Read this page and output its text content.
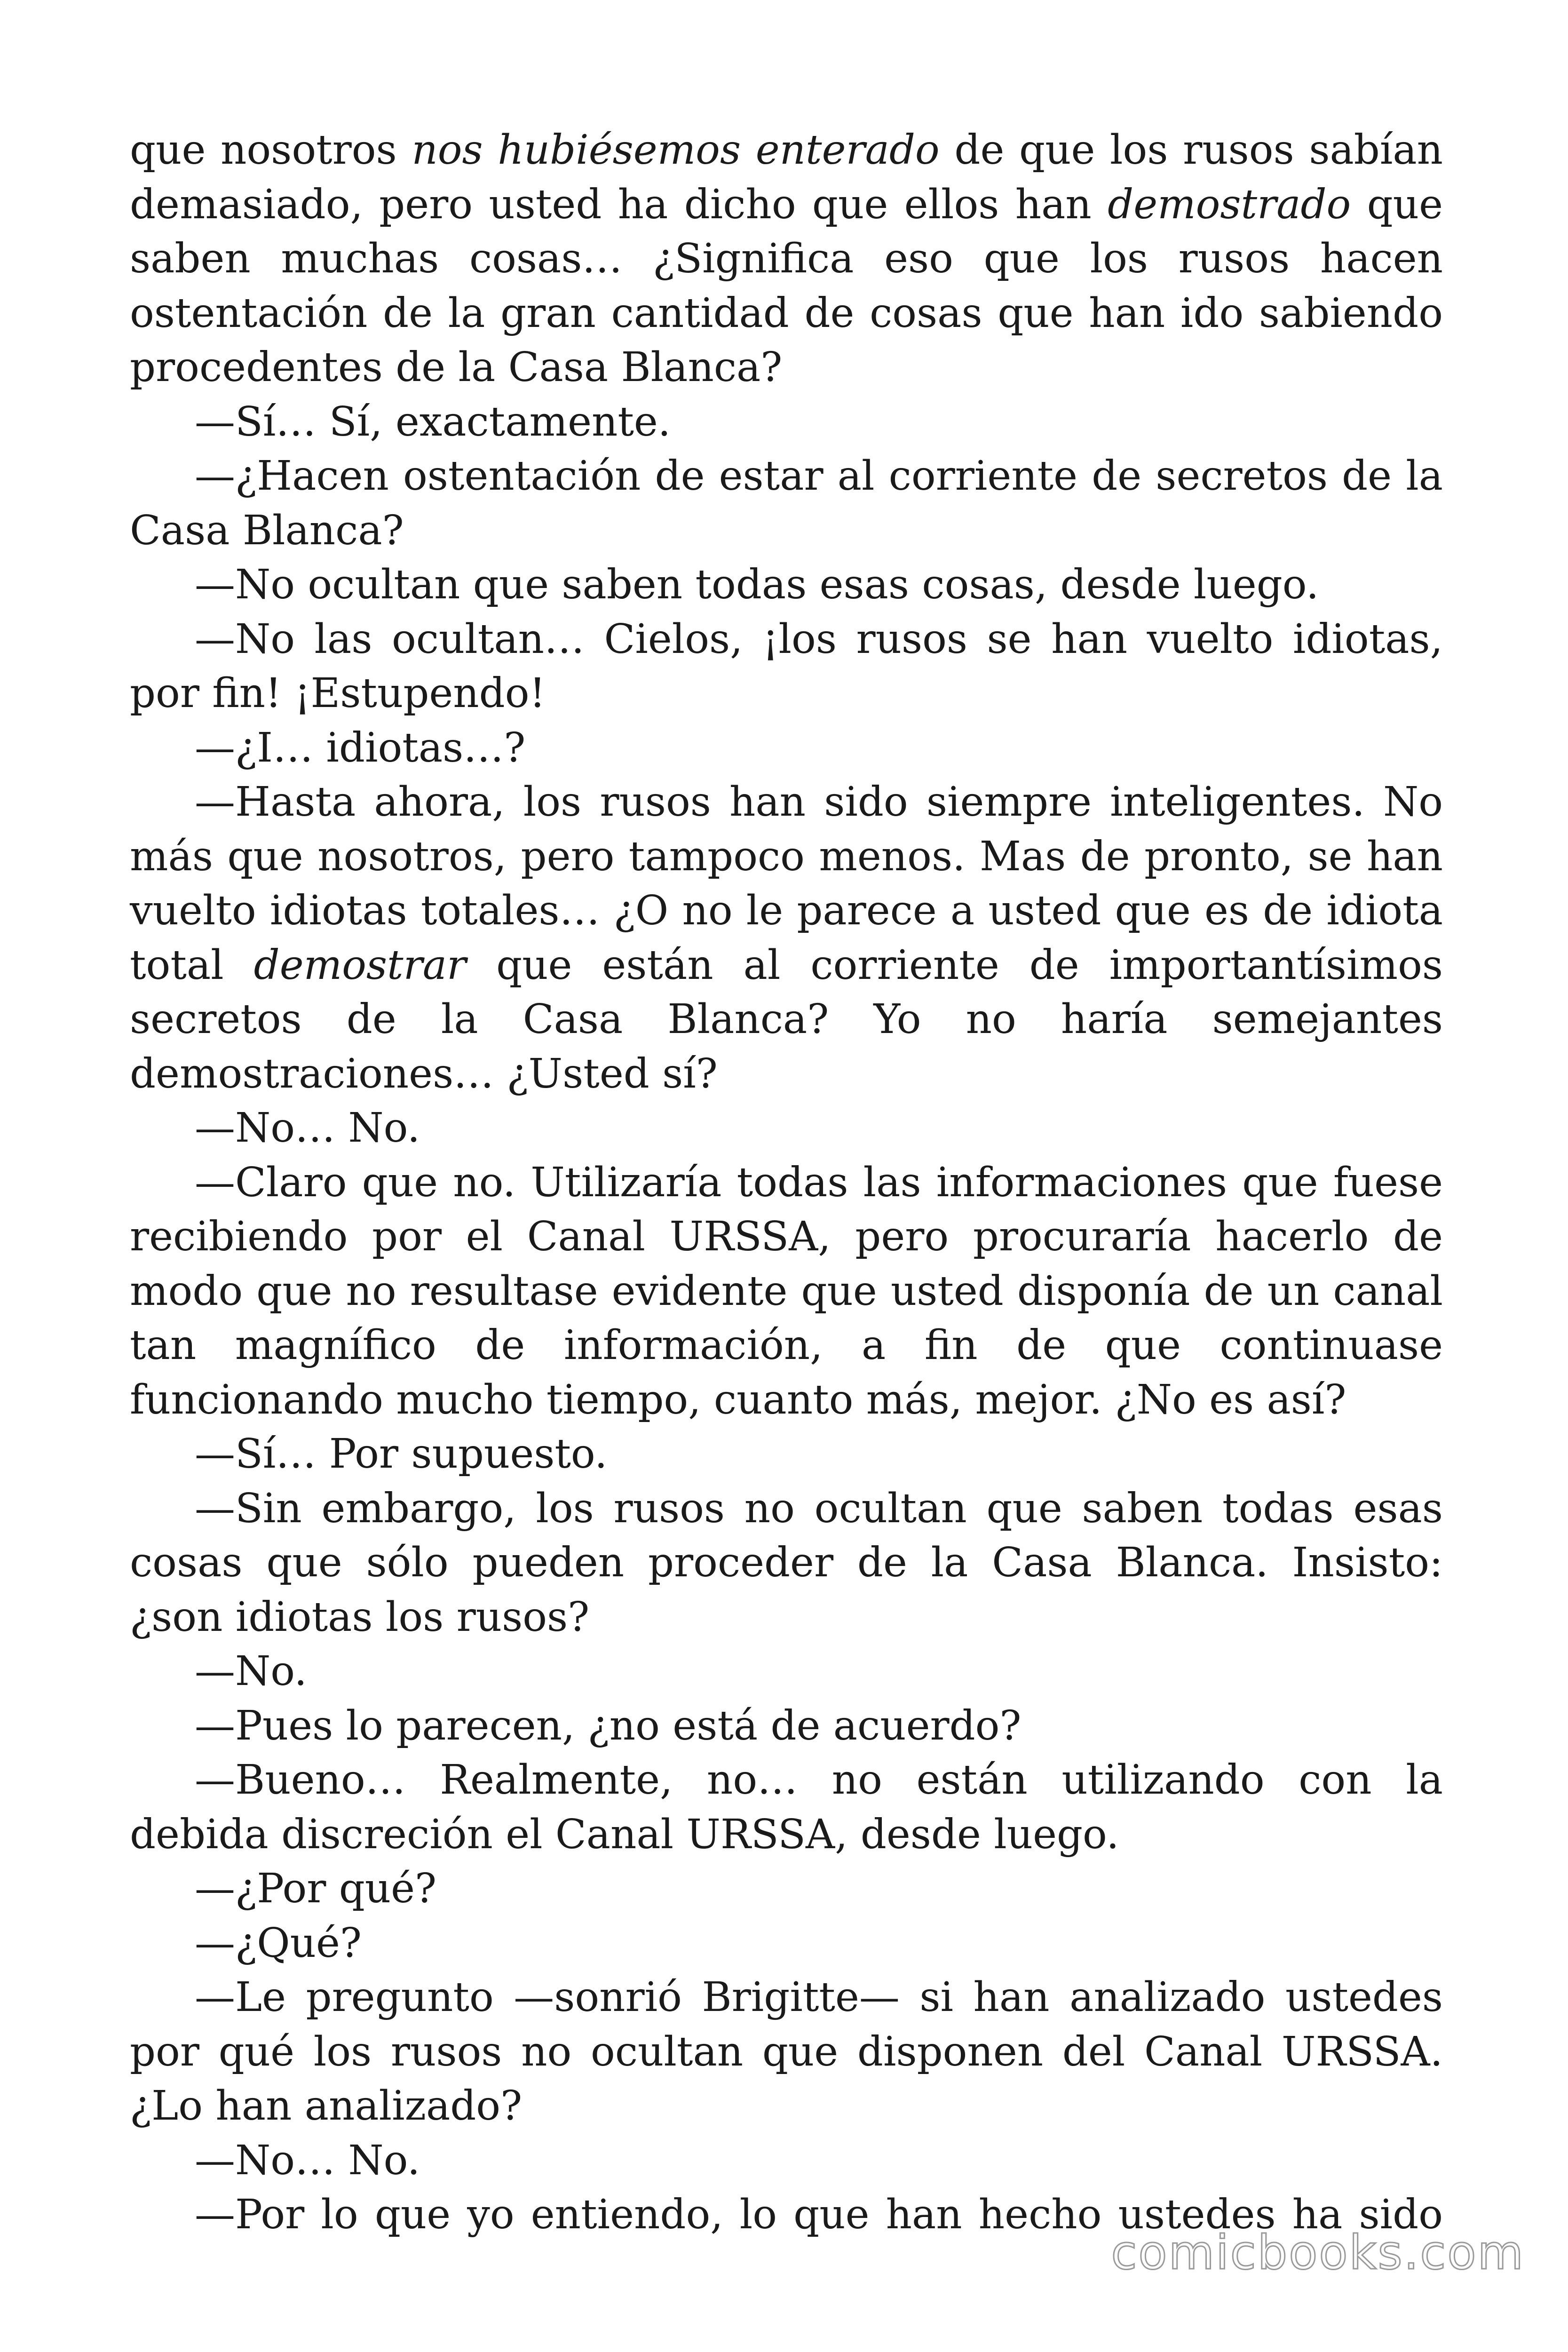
que nosotros nos hubiésemos enterado de que los rusos sabían demasiado, pero usted ha dicho que ellos han demostrado que saben muchas cosas… ¿Significa eso que los rusos hacen ostentación de la gran cantidad de cosas que han ido sabiendo procedentes de la Casa Blanca?

—Sí… Sí, exactamente.

—¿Hacen ostentación de estar al corriente de secretos de la Casa Blanca?

—No ocultan que saben todas esas cosas, desde luego.

—No las ocultan… Cielos, ¡los rusos se han vuelto idiotas, por fin! ¡Estupendo!

—¿I… idiotas…?

—Hasta ahora, los rusos han sido siempre inteligentes. No más que nosotros, pero tampoco menos. Mas de pronto, se han vuelto idiotas totales… ¿O no le parece a usted que es de idiota total demostrar que están al corriente de importantísimos secretos de la Casa Blanca? Yo no haría semejantes demostraciones… ¿Usted sí?

—No… No.

—Claro que no. Utilizaría todas las informaciones que fuese recibiendo por el Canal URSSA, pero procuraría hacerlo de modo que no resultase evidente que usted disponía de un canal tan magnífico de información, a fin de que continuase funcionando mucho tiempo, cuanto más, mejor. ¿No es así?

—Sí… Por supuesto.

—Sin embargo, los rusos no ocultan que saben todas esas cosas que sólo pueden proceder de la Casa Blanca. Insisto: ¿son idiotas los rusos?

—No.

—Pues lo parecen, ¿no está de acuerdo?

—Bueno… Realmente, no… no están utilizando con la debida discreción el Canal URSSA, desde luego.

—¿Por qué?

—¿Qué?

—Le pregunto —sonrió Brigitte— si han analizado ustedes por qué los rusos no ocultan que disponen del Canal URSSA. ¿Lo han analizado?

—No… No.

—Por lo que yo entiendo, lo que han hecho ustedes ha sido

comicbooks.com
